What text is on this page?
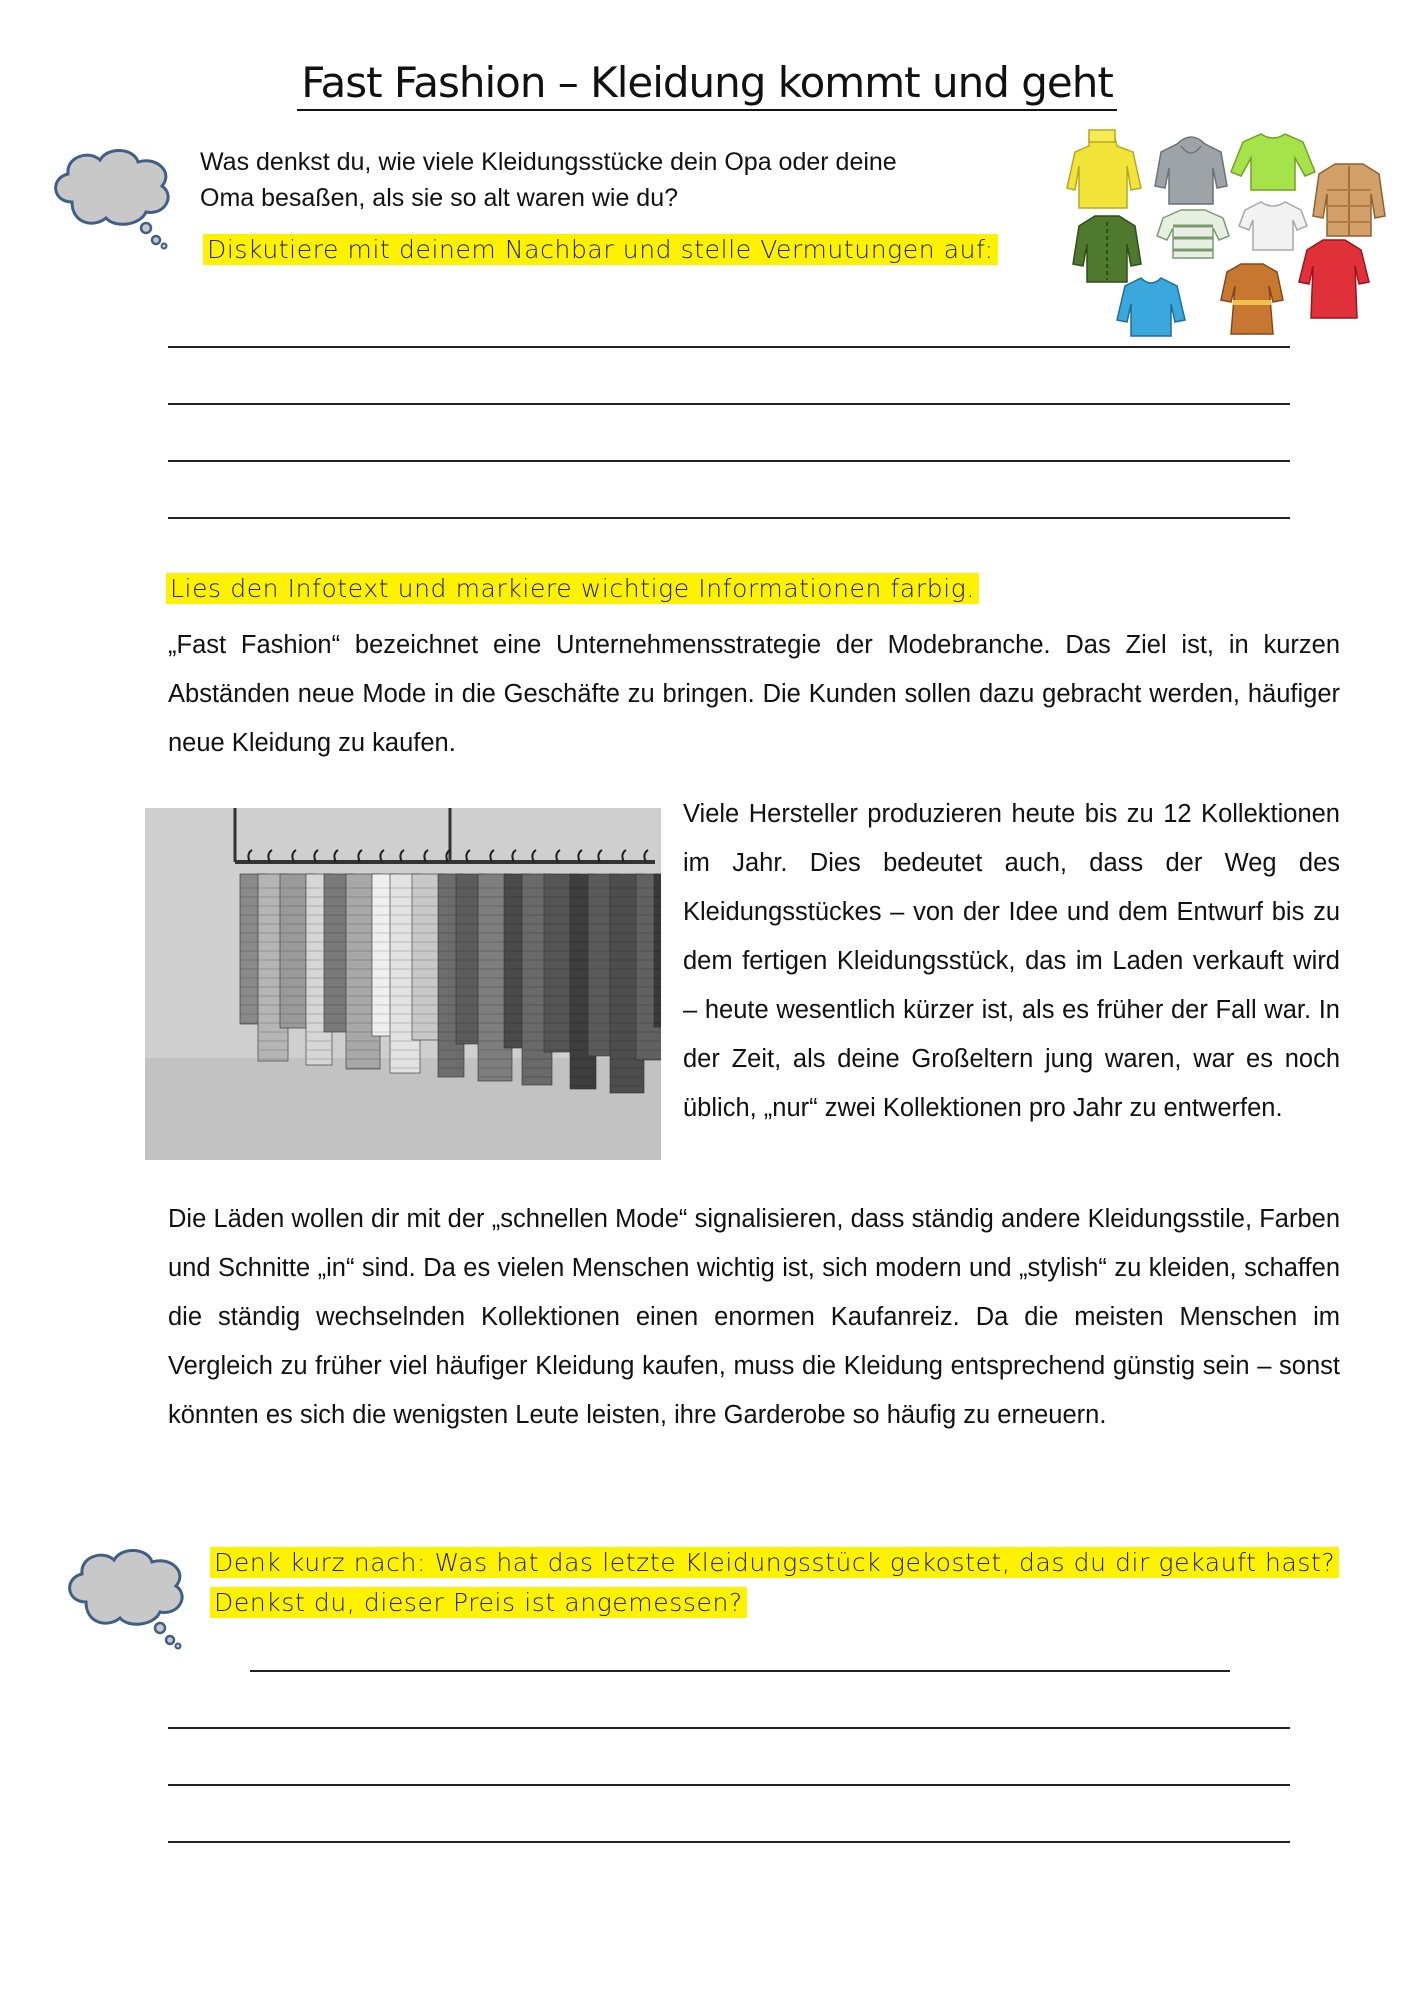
Fast Fashion – Kleidung kommt und geht
Was denkst du, wie viele Kleidungsstücke dein Opa oder deine
Oma besaßen, als sie so alt waren wie du?
Diskutiere mit deinem Nachbar und stelle Vermutungen auf:
Lies den Infotext und markiere wichtige Informationen farbig.
„Fast Fashion“ bezeichnet eine Unternehmensstrategie der Modebranche. Das Ziel ist, in kurzen Abständen neue Mode in die Geschäfte zu bringen. Die Kunden sollen dazu gebracht werden, häufiger neue Kleidung zu kaufen.
Viele Hersteller produzieren heute bis zu 12 Kollektionen im Jahr. Dies bedeutet auch, dass der Weg des Kleidungsstückes – von der Idee und dem Entwurf bis zu dem fertigen Kleidungsstück, das im Laden verkauft wird – heute wesentlich kürzer ist, als es früher der Fall war. In der Zeit, als deine Großeltern jung waren, war es noch üblich, „nur“ zwei Kollektionen pro Jahr zu entwerfen.
Die Läden wollen dir mit der „schnellen Mode“ signalisieren, dass ständig andere Kleidungsstile, Farben und Schnitte „in“ sind. Da es vielen Menschen wichtig ist, sich modern und „stylish“ zu kleiden, schaffen die ständig wechselnden Kollektionen einen enormen Kaufanreiz. Da die meisten Menschen im Vergleich zu früher viel häufiger Kleidung kaufen, muss die Kleidung entsprechend günstig sein – sonst könnten es sich die wenigsten Leute leisten, ihre Garderobe so häufig zu erneuern.
Denk kurz nach: Was hat das letzte Kleidungsstück gekostet, das du dir gekauft hast?
Denkst du, dieser Preis ist angemessen?
